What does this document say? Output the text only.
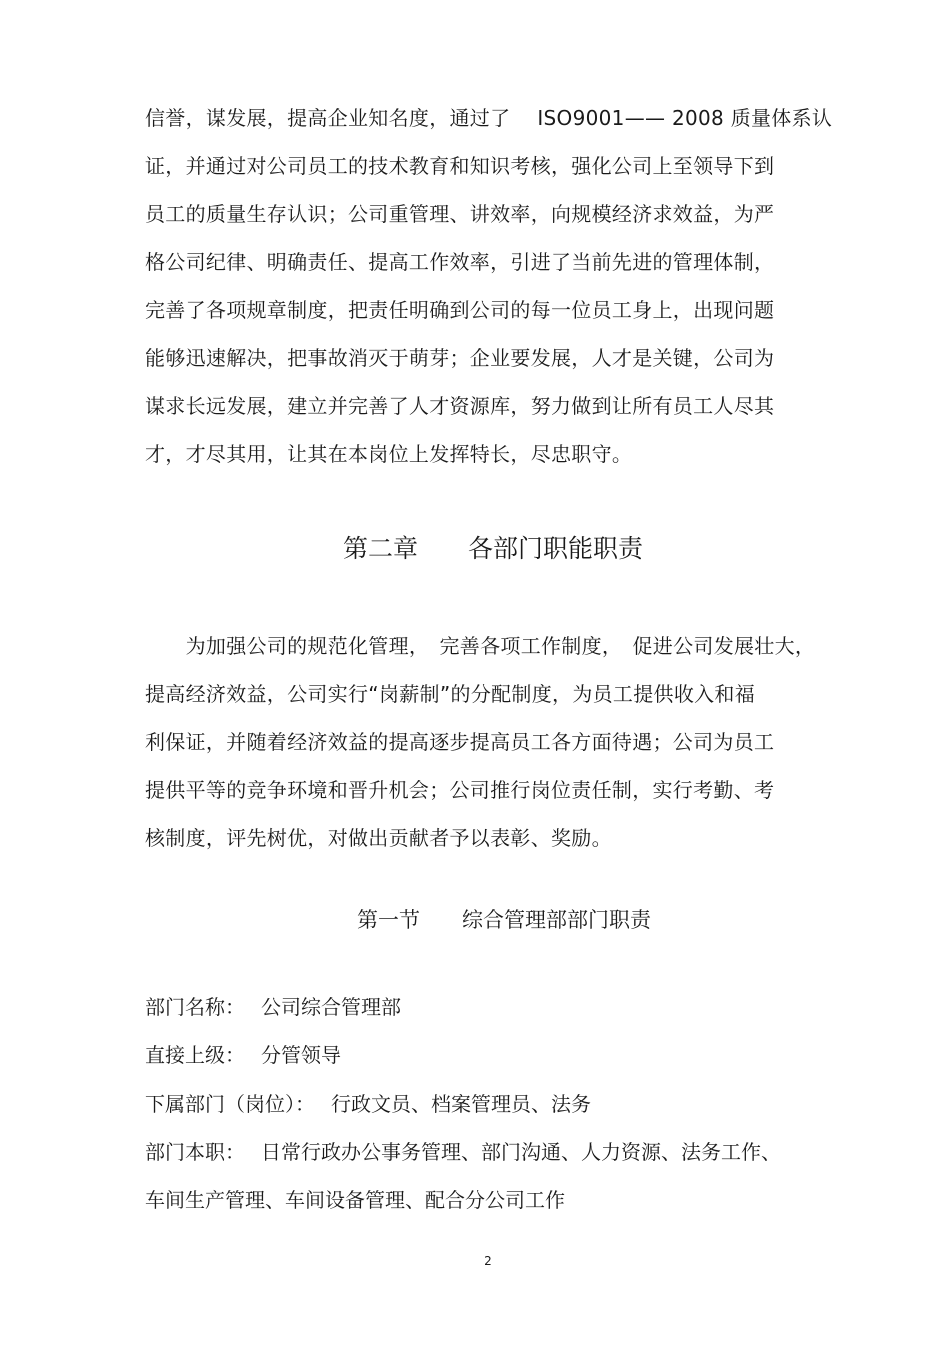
信誉，谋发展，提高企业知名度，通过了　 ISO9001—— 2008 质量体系认
证，并通过对公司员工的技术教育和知识考核，强化公司上至领导下到
员工的质量生存认识；公司重管理、讲效率，向规模经济求效益，为严
格公司纪律、明确责任、提高工作效率，引进了当前先进的管理体制，
完善了各项规章制度，把责任明确到公司的每一位员工身上，出现问题
能够迅速解决，把事故消灭于萌芽；企业要发展，人才是关键，公司为
谋求长远发展，建立并完善了人才资源库，努力做到让所有员工人尽其
才，才尽其用，让其在本岗位上发挥特长，尽忠职守。
第二章　　各部门职能职责
　　为加强公司的规范化管理，　完善各项工作制度，　促进公司发展壮大，
提高经济效益，公司实行“岗薪制”的分配制度，为员工提供收入和福
利保证，并随着经济效益的提高逐步提高员工各方面待遇；公司为员工
提供平等的竞争环境和晋升机会；公司推行岗位责任制，实行考勤、考
核制度，评先树优，对做出贡献者予以表彰、奖励。
第一节　　综合管理部部门职责
部门名称： 公司综合管理部
直接上级： 分管领导
下属部门（岗位）： 行政文员、档案管理员、法务
部门本职： 日常行政办公事务管理、部门沟通、人力资源、法务工作、
车间生产管理、车间设备管理、配合分公司工作
2
